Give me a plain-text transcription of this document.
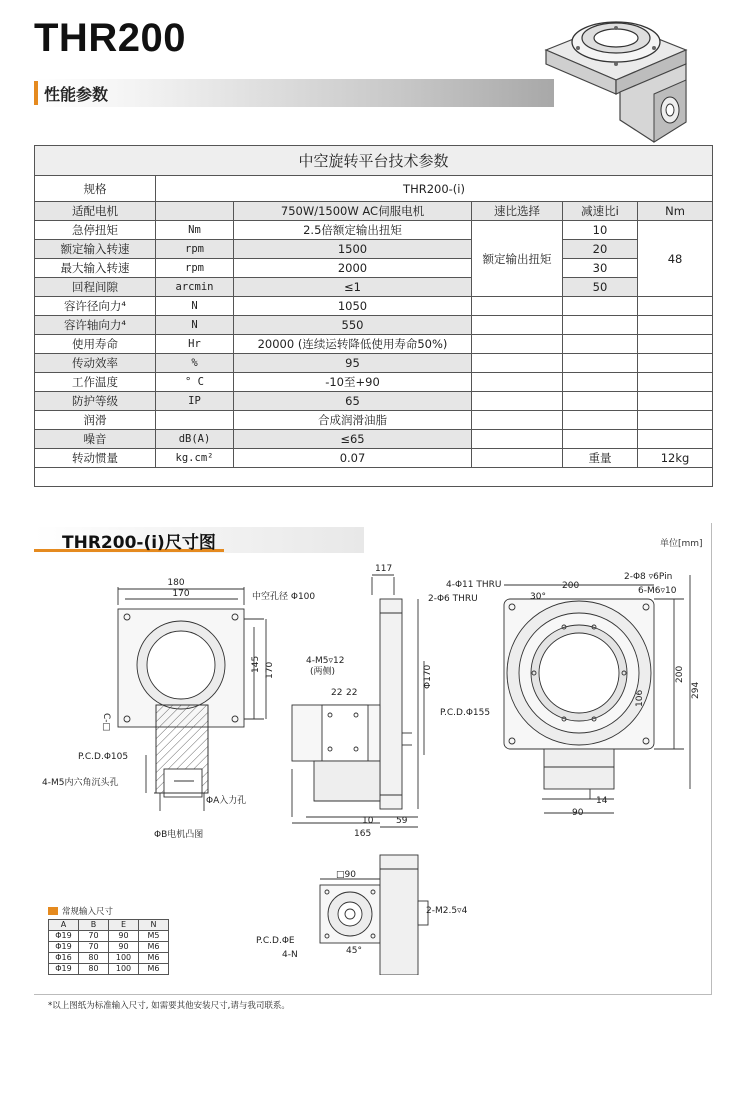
THR200
性能参数
中空旋转平台技术参数					
规格	THR200-(i)				
适配电机		750W/1500W AC伺服电机	速比选择	减速比i	Nm
急停扭矩	Nm	2.5倍额定输出扭矩	额定输出扭矩	10	48
额定输入转速	rpm	1500		20	
最大输入转速	rpm	2000		30	
回程间隙	arcmin	≤1		50	
容许径向力⁴	N	1050			
容许轴向力⁴	N	550			
使用寿命	Hr	20000 (连续运转降低使用寿命50%)			
传动效率	%	95			
工作温度	° C	-10至+90			
防护等级	IP	65			
润滑		合成润滑油脂			
噪音	dB(A)	≤65			
转动惯量	kg.cm²	0.07		重量	12kg

THR200-(i)尺寸图	单位[mm]
180
170	中空孔径 Φ100
145 170
P.C.D.Φ105
4-M5内六角沉头孔
ΦA入力孔
ΦB电机凸图
C-□
117
4-M5▿12
(两侧)
22 22
Φ170
10	59
165
4-Φ11 THRU
2-Φ6 THRU
200
30°
2-Φ8 ▿6Pin
6-M6▿10
P.C.D.Φ155
200
106	294
14
90
□90
2-M2.5▿4
P.C.D.ΦE
4-N	45°
常规输入尺寸
A	B	E	N
Φ19	70	90	M5
Φ19	70	90	M6
Φ16	80	100	M6
Φ19	80	100	M6
*以上图纸为标准输入尺寸, 如需要其他安装尺寸,请与我司联系。
